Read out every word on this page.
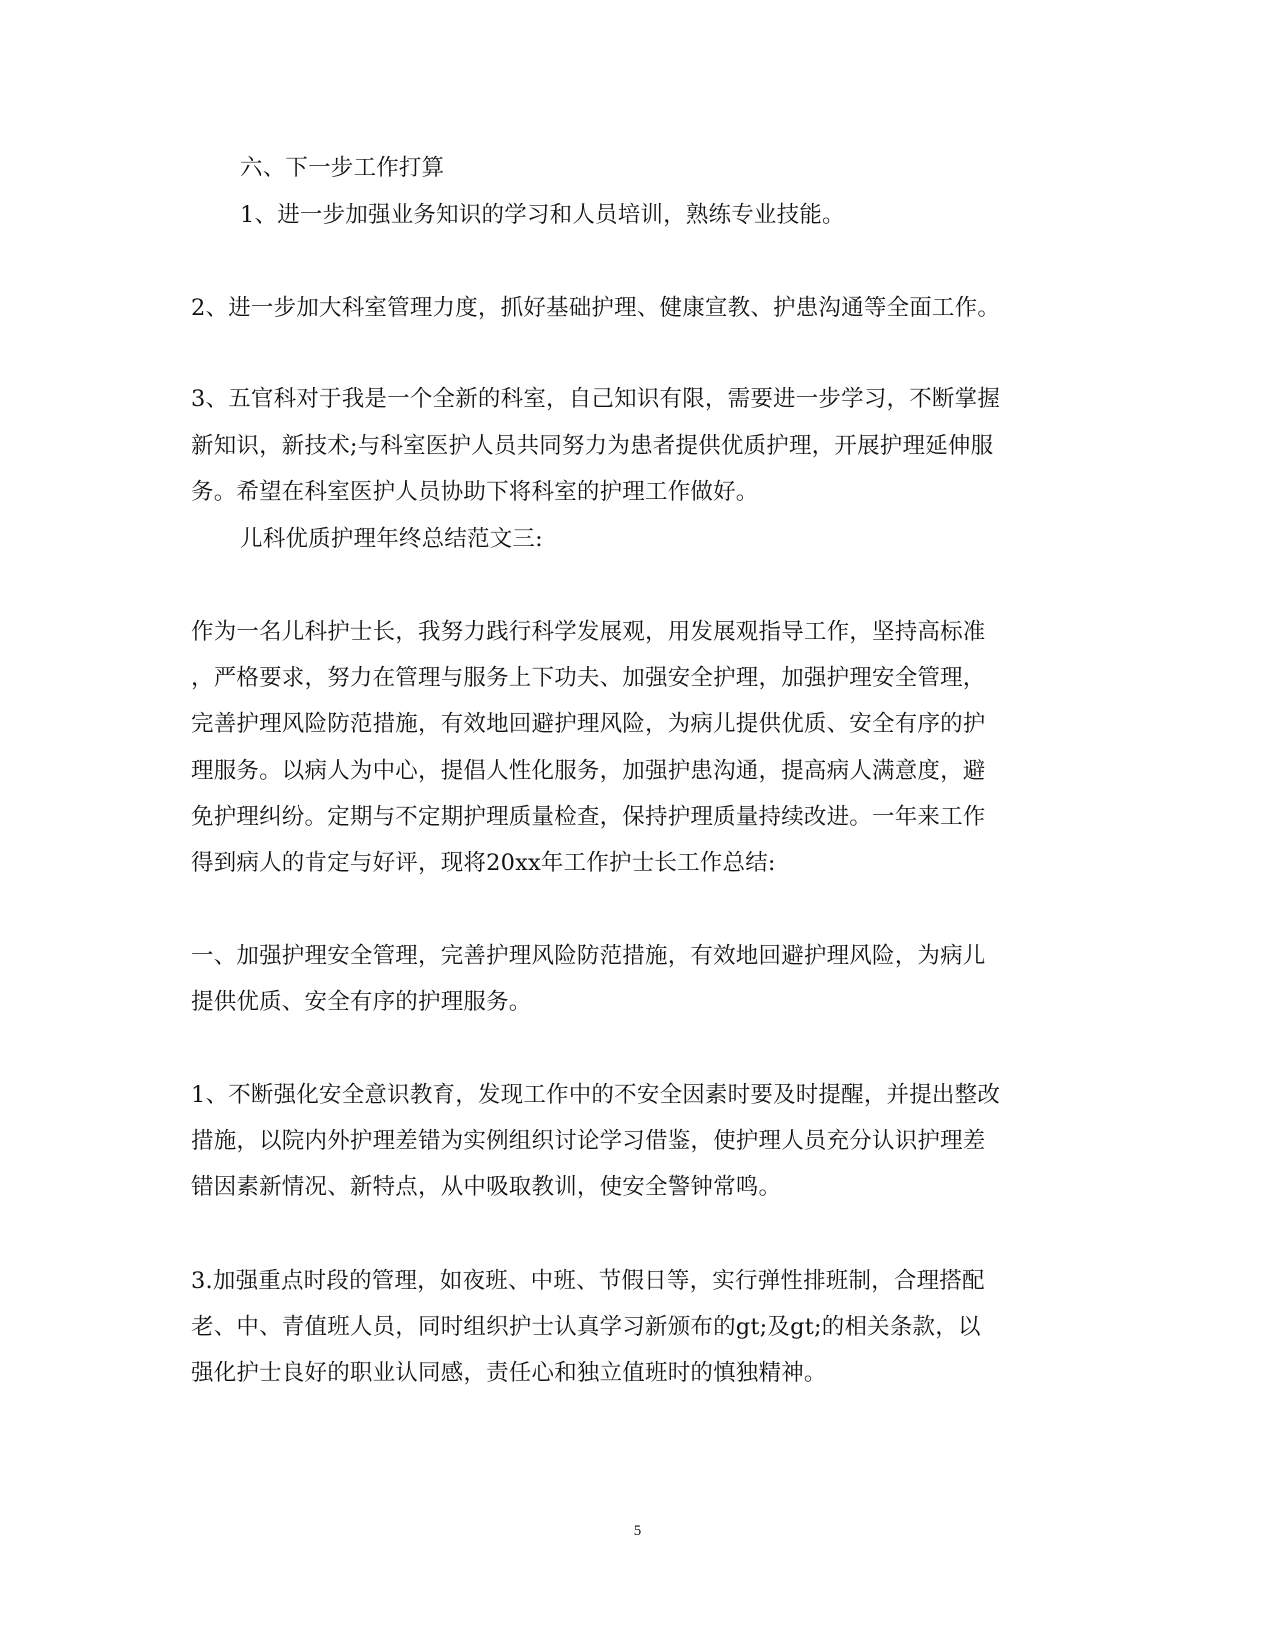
六、下一步工作打算
1、进一步加强业务知识的学习和人员培训，熟练专业技能。
2、进一步加大科室管理力度，抓好基础护理、健康宣教、护患沟通等全面工作。
3、五官科对于我是一个全新的科室，自己知识有限，需要进一步学习，不断掌握
新知识，新技术;与科室医护人员共同努力为患者提供优质护理，开展护理延伸服
务。希望在科室医护人员协助下将科室的护理工作做好。
儿科优质护理年终总结范文三:
作为一名儿科护士长，我努力践行科学发展观，用发展观指导工作，坚持高标准
，严格要求，努力在管理与服务上下功夫、加强安全护理，加强护理安全管理，
完善护理风险防范措施，有效地回避护理风险，为病儿提供优质、安全有序的护
理服务。以病人为中心，提倡人性化服务，加强护患沟通，提高病人满意度，避
免护理纠纷。定期与不定期护理质量检查，保持护理质量持续改进。一年来工作
得到病人的肯定与好评，现将20xx年工作护士长工作总结:
一、加强护理安全管理，完善护理风险防范措施，有效地回避护理风险，为病儿
提供优质、安全有序的护理服务。
1、不断强化安全意识教育，发现工作中的不安全因素时要及时提醒，并提出整改
措施，以院内外护理差错为实例组织讨论学习借鉴，使护理人员充分认识护理差
错因素新情况、新特点，从中吸取教训，使安全警钟常鸣。
3.加强重点时段的管理，如夜班、中班、节假日等，实行弹性排班制，合理搭配
老、中、青值班人员，同时组织护士认真学习新颁布的gt;及gt;的相关条款，以
强化护士良好的职业认同感，责任心和独立值班时的慎独精神。
5
